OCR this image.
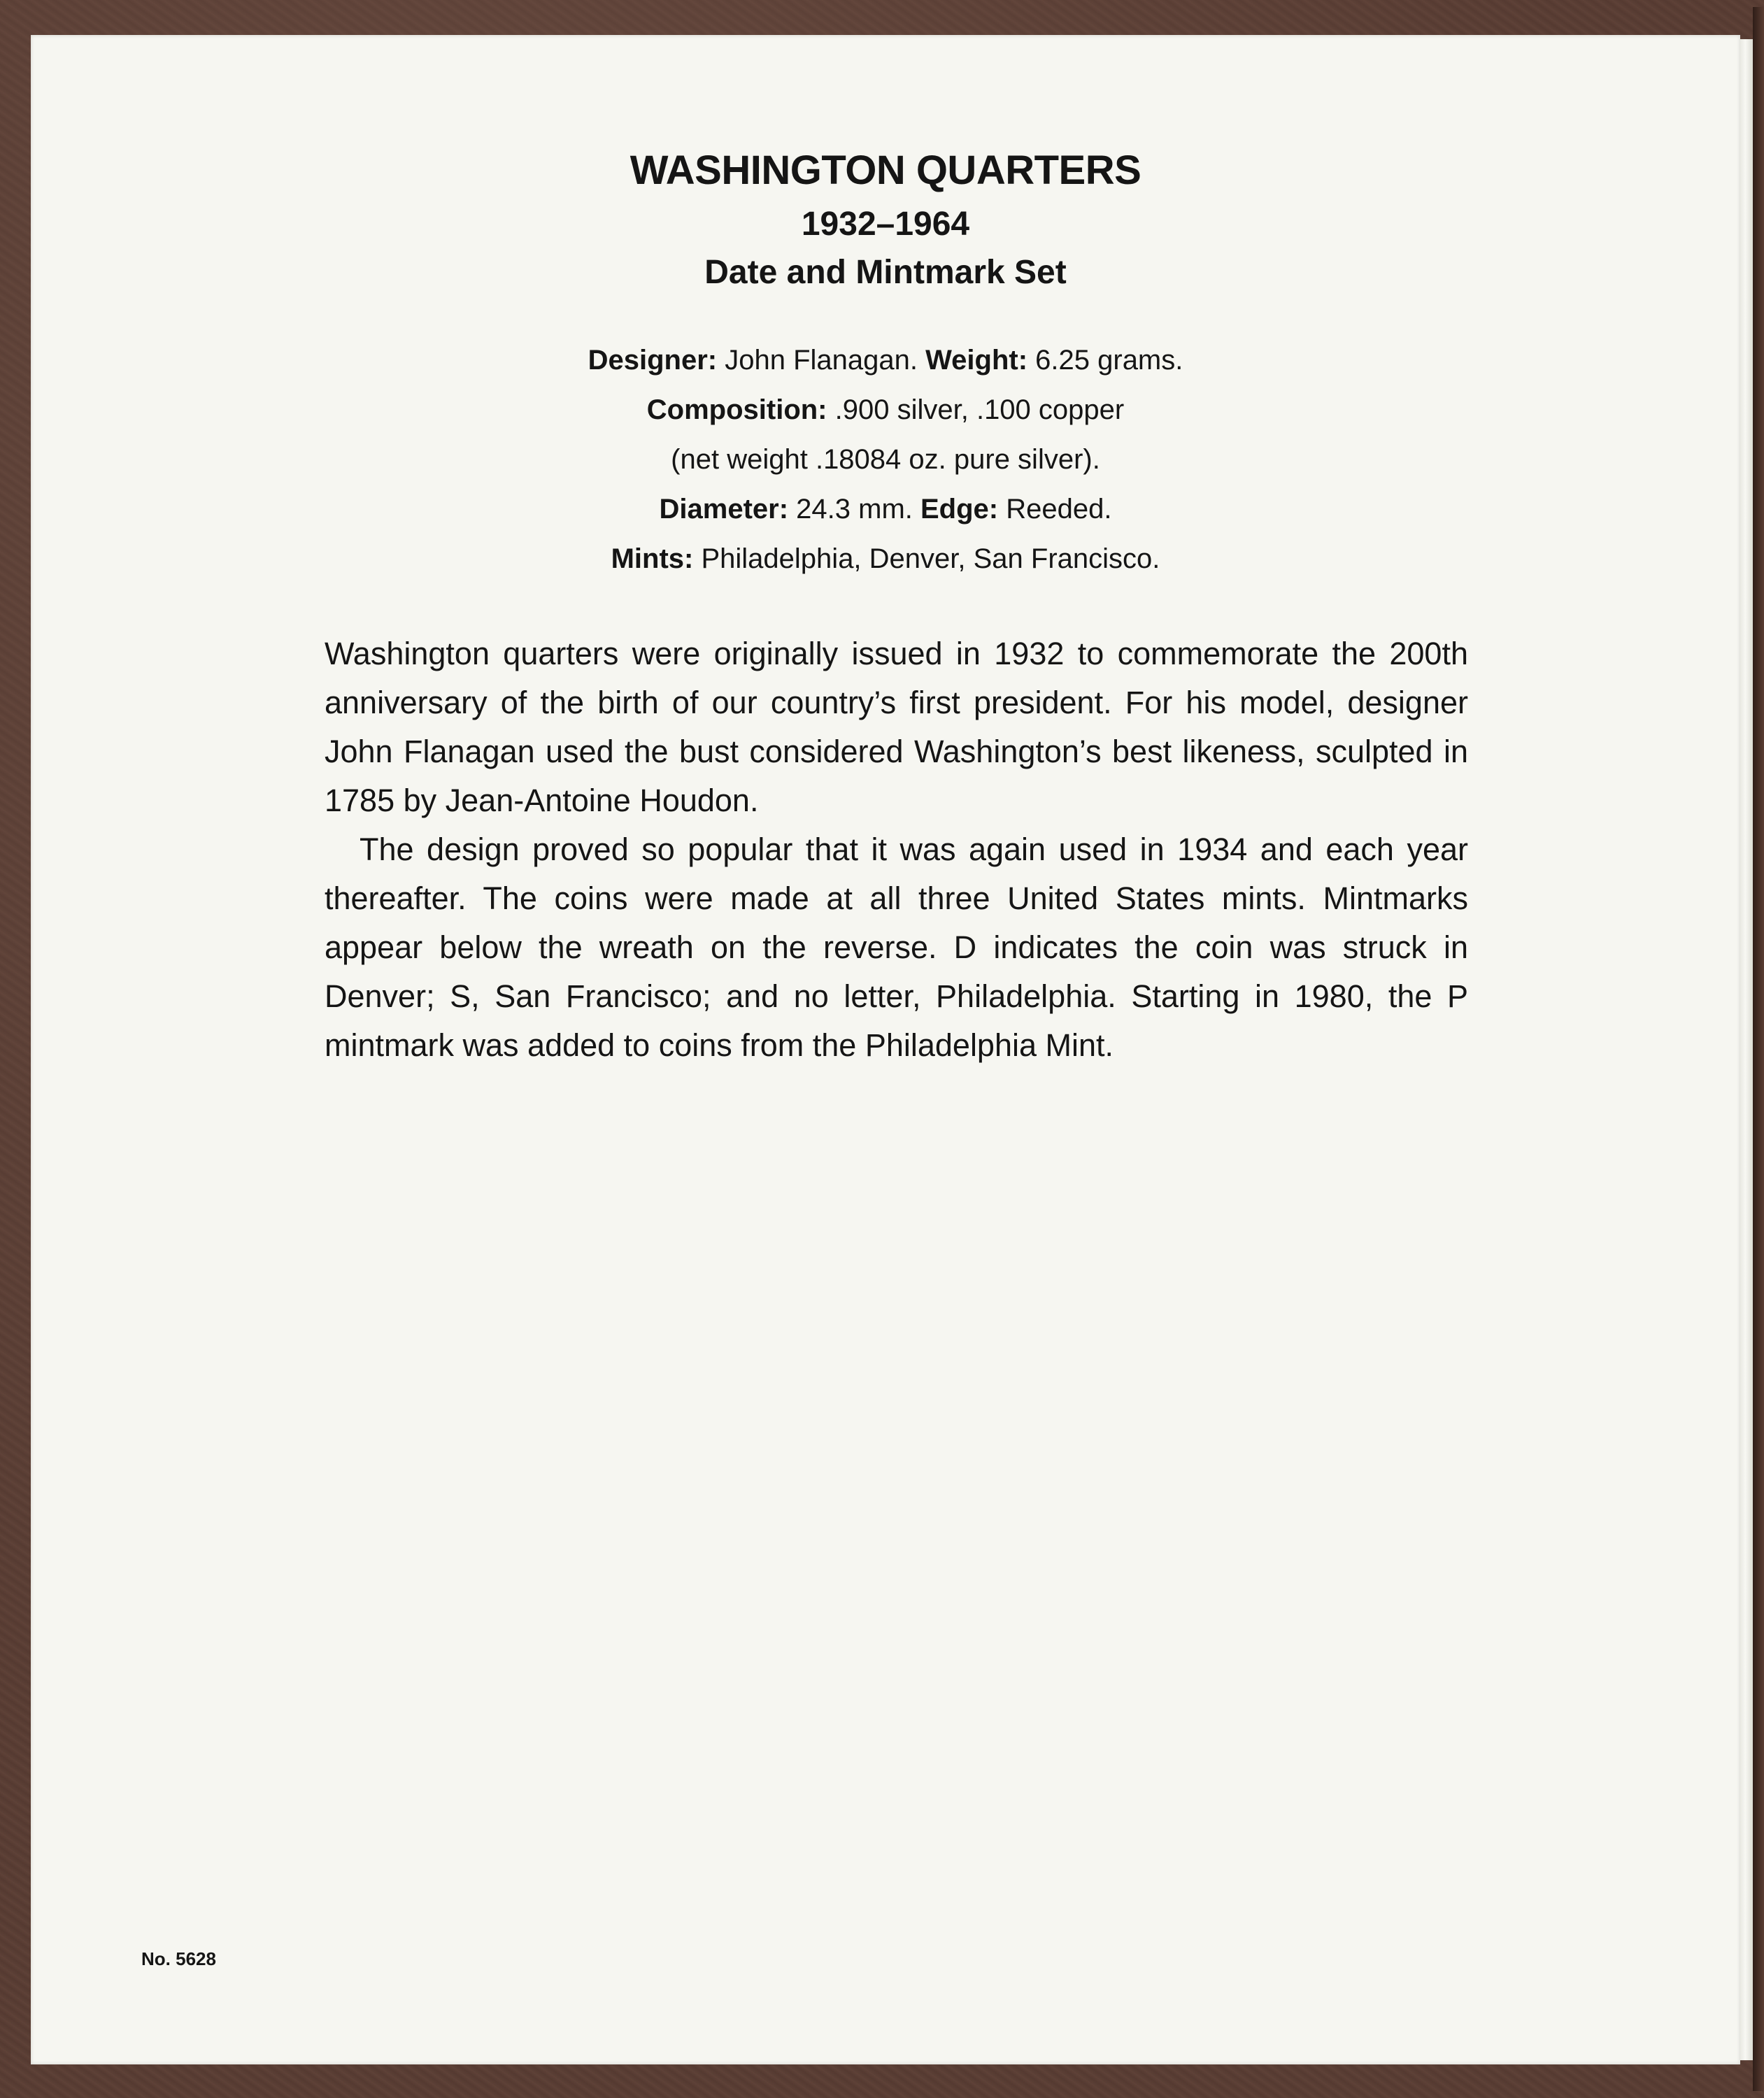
WASHINGTON QUARTERS
1932–1964
Date and Mintmark Set
Designer: John Flanagan. Weight: 6.25 grams.
Composition: .900 silver, .100 copper
(net weight .18084 oz. pure silver).
Diameter: 24.3 mm. Edge: Reeded.
Mints: Philadelphia, Denver, San Francisco.

Washington quarters were originally issued in 1932 to commemorate the 200th anniversary of the birth of our country’s first president. For his model, designer John Flanagan used the bust considered Washington’s best likeness, sculpted in 1785 by Jean-Antoine Houdon.

The design proved so popular that it was again used in 1934 and each year thereafter. The coins were made at all three United States mints. Mintmarks appear below the wreath on the reverse. D indicates the coin was struck in Denver; S, San Francisco; and no letter, Philadelphia. Starting in 1980, the P mintmark was added to coins from the Philadelphia Mint.

No. 5628
